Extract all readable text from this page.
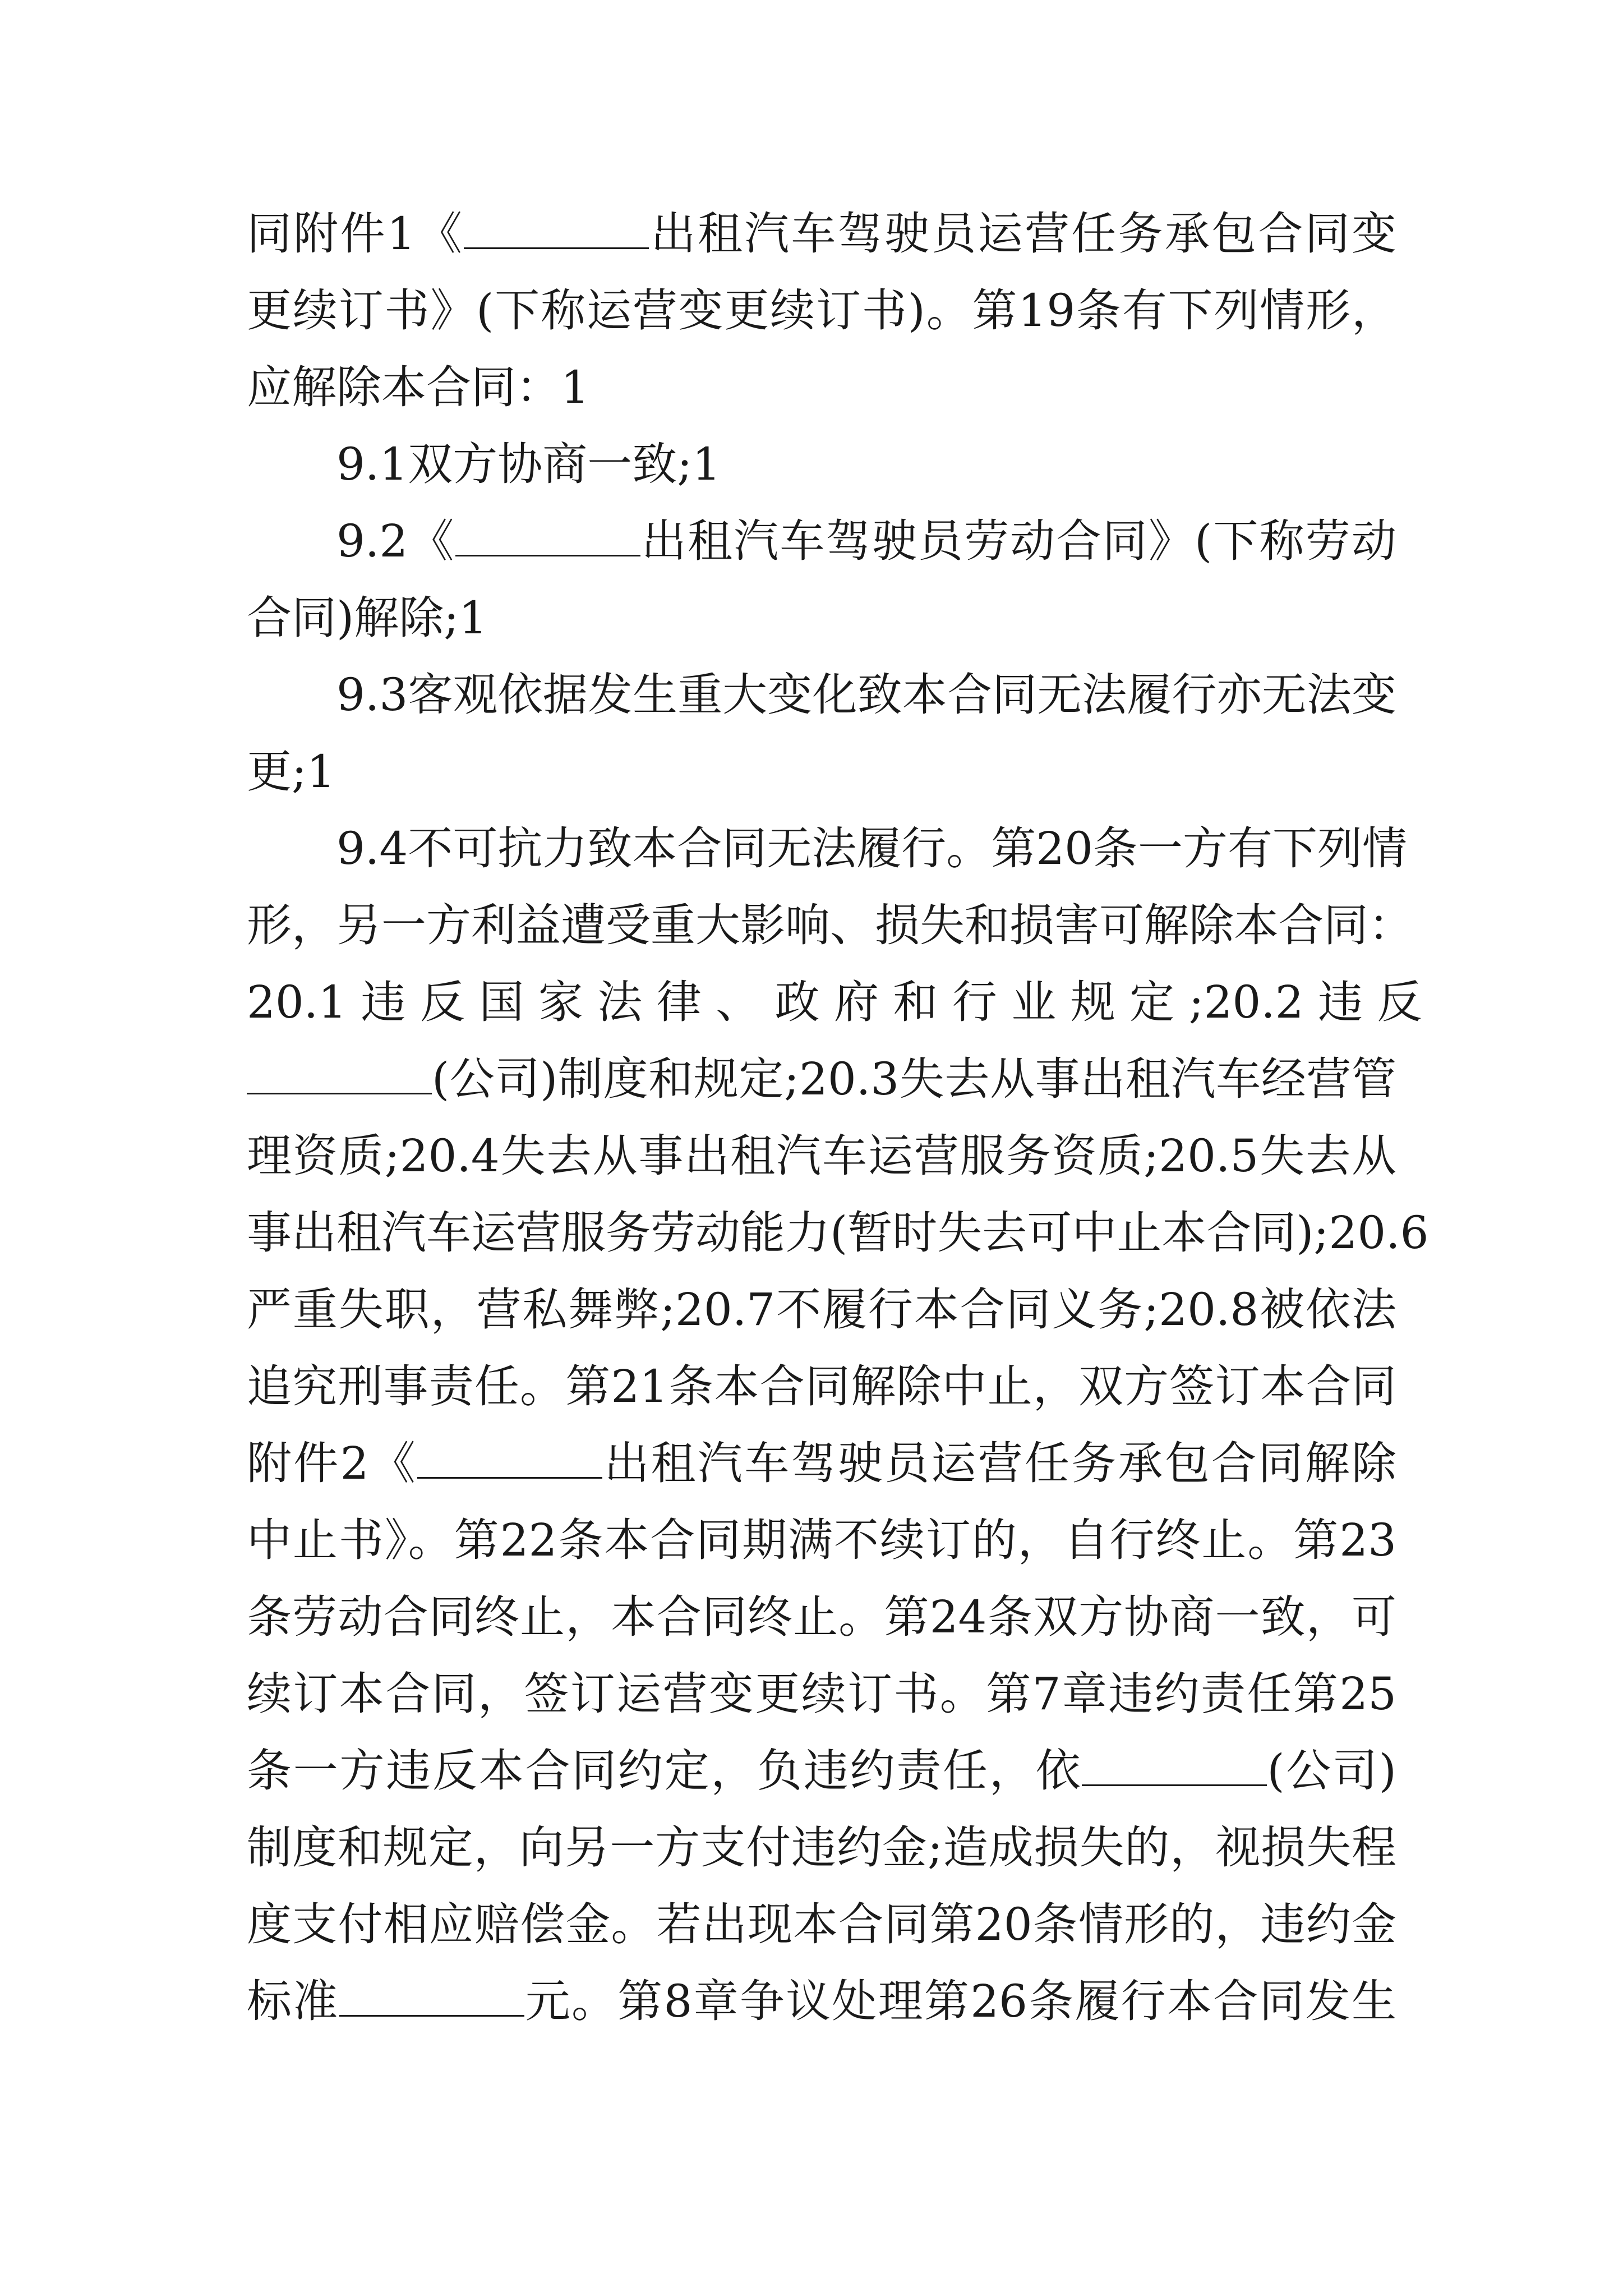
同附件1《	出租汽车驾驶员运营任务承包合同变
更续订书》(下称运营变更续订书)。第19条有下列情形，
应解除本合同：1
9.1双方协商一致;1
9.2《	出租汽车驾驶员劳动合同》(下称劳动
合同)解除;1
9.3客观依据发生重大变化致本合同无法履行亦无法变
更;1
9.4不可抗力致本合同无法履行。第20条一方有下列情
形，另一方利益遭受重大影响、损失和损害可解除本合同：
20.1 违 反 国 家 法 律 、 政 府 和 行 业 规 定 ;20.2 违 反
(公司)制度和规定;20.3失去从事出租汽车经营管
理资质;20.4失去从事出租汽车运营服务资质;20.5失去从
事出租汽车运营服务劳动能力(暂时失去可中止本合同);20.6
严重失职，营私舞弊;20.7不履行本合同义务;20.8被依法
追究刑事责任。第21条本合同解除中止，双方签订本合同
附件2《	出租汽车驾驶员运营任务承包合同解除
中止书》。第22条本合同期满不续订的，自行终止。第23
条劳动合同终止，本合同终止。第24条双方协商一致，可
续订本合同，签订运营变更续订书。第7章违约责任第25
条一方违反本合同约定，负违约责任，依	(公司)
制度和规定，向另一方支付违约金;造成损失的，视损失程
度支付相应赔偿金。若出现本合同第20条情形的，违约金
标准	元。第8章争议处理第26条履行本合同发生
